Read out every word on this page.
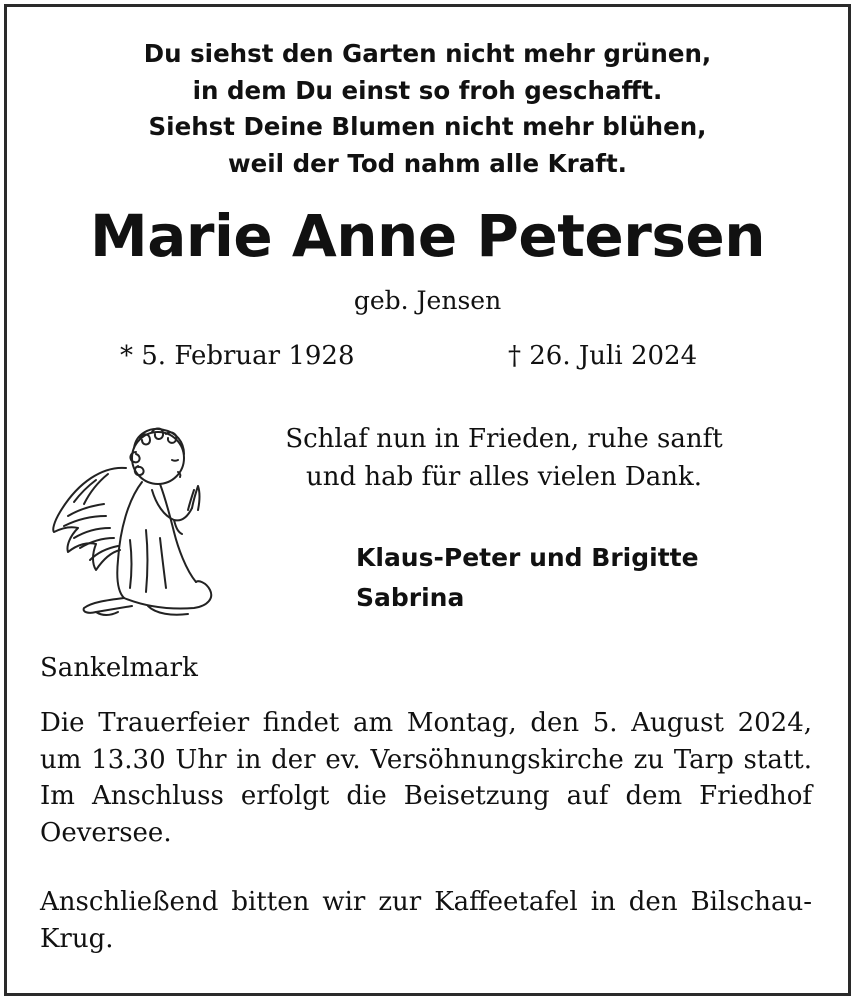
Du siehst den Garten nicht mehr grünen,
in dem Du einst so froh geschafft.
Siehst Deine Blumen nicht mehr blühen,
weil der Tod nahm alle Kraft.
Marie Anne Petersen
geb. Jensen
* 5. Februar 1928	† 26. Juli 2024
Schlaf nun in Frieden, ruhe sanft
und hab für alles vielen Dank.
Klaus-Peter und Brigitte
Sabrina
Sankelmark
Die Trauerfeier findet am Montag, den 5. August 2024, um 13.30 Uhr in der ev. Versöhnungskirche zu Tarp statt. Im Anschluss erfolgt die Beisetzung auf dem Friedhof Oeversee.
Anschließend bitten wir zur Kaffeetafel in den Bilschau-Krug.
